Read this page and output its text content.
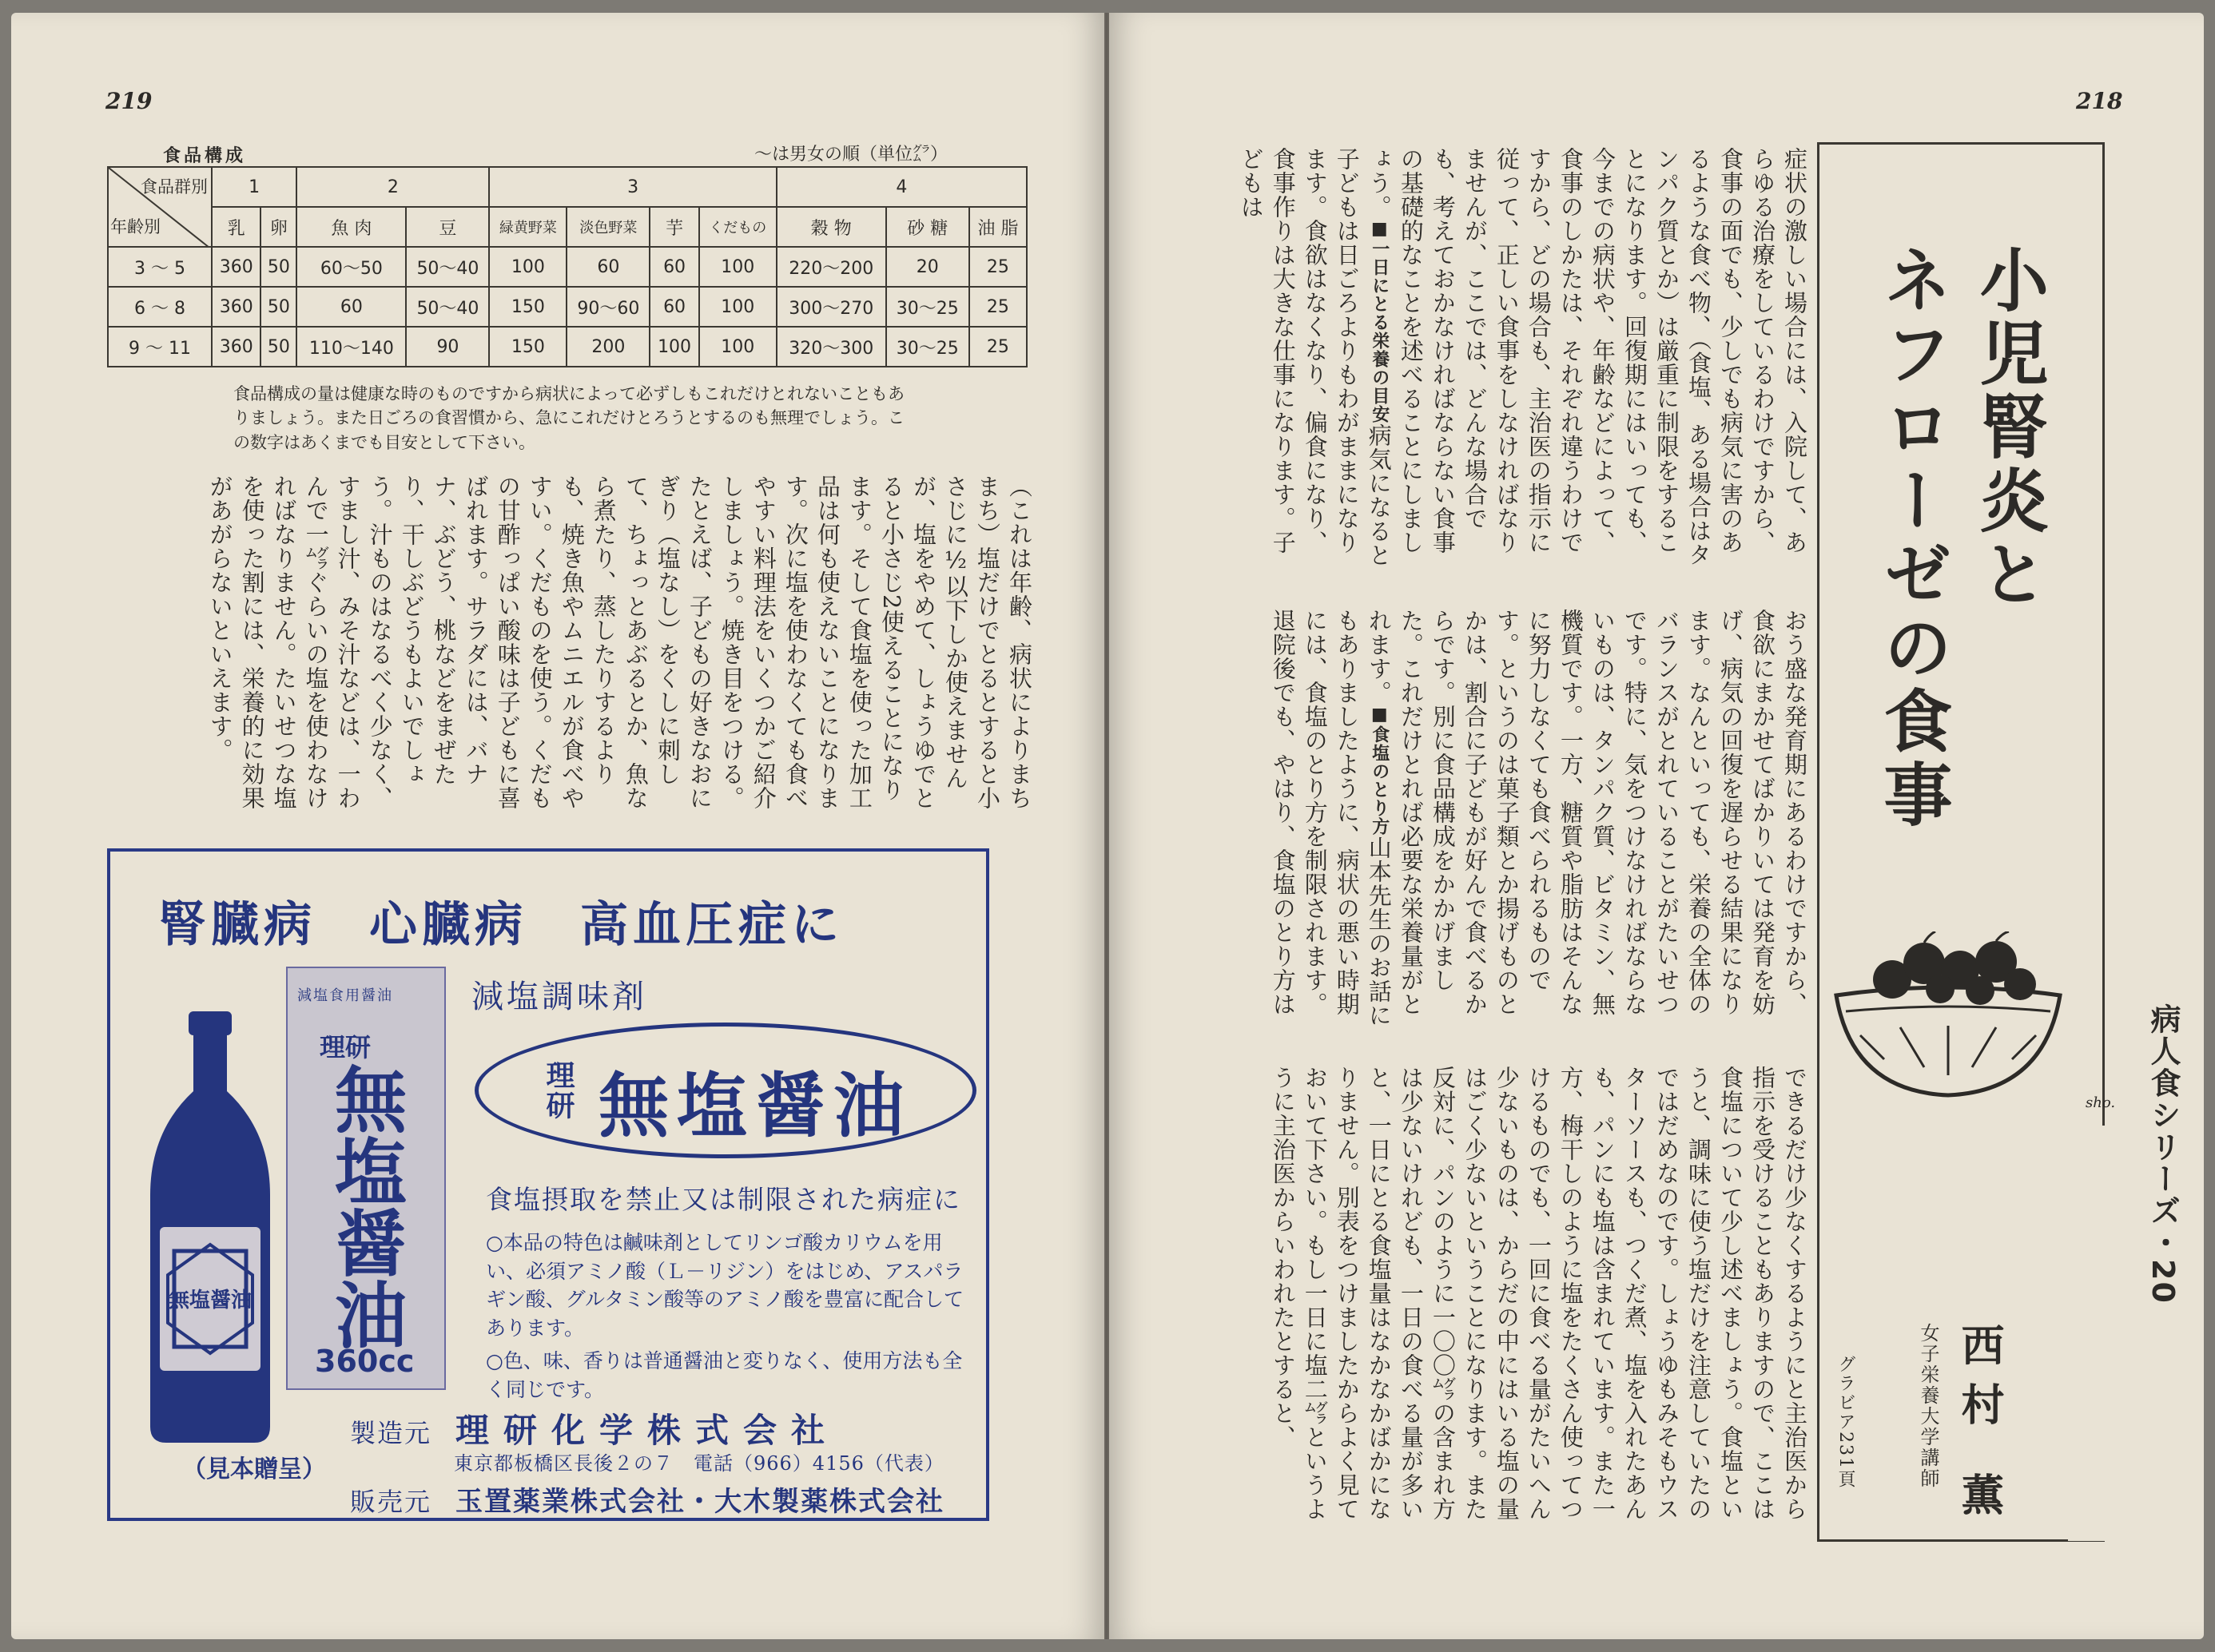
219
食品構成	〜は男女の順（単位㌘）
食品群別
年齢別	1		2		3				4		
	乳	卵	魚 肉	豆	緑黄野菜	淡色野菜	芋	くだもの	穀 物	砂 糖	油 脂
3 〜 5	360	50	60〜50	50〜40	100	60	60	100	220〜200	20	25
6 〜 8	360	50	60	50〜40	150	90〜60	60	100	300〜270	30〜25	25
9 〜 11	360	50	110〜140	90	150	200	100	100	320〜300	30〜25	25
食品構成の量は健康な時のものですから病状によって必ずしもこれだけとれないこともありましょう。また日ごろの食習慣から、急にこれだけとろうとするのも無理でしょう。この数字はあくまでも目安として下さい。
（これは年齢、病状によりまちまち）塩だけでとるとすると小さじに½以下しか使えませんが、塩をやめて、しょうゆでとると小さじ2使えることになります。そして食塩を使った加工品は何も使えないことになります。次に塩を使わなくても食べやすい料理法をいくつかご紹介しましょう。焼き目をつける。たとえば、子どもの好きなおにぎり（塩なし）をくしに刺して、ちょっとあぶるとか、魚なら煮たり、蒸したりするよりも、焼き魚やムニエルが食べやすい。くだものを使う。くだもの甘酢っぱい酸味は子どもに喜ばれます。サラダには、バナナ、ぶどう、桃などをまぜたり、干しぶどうもよいでしょう。汁ものはなるべく少なく、すまし汁、みそ汁などは、一わんで一㌘ぐらいの塩を使わなければなりません。たいせつな塩を使った割には、栄養的に効果があがらないといえます。
腎臓病　心臓病　高血圧症に
無塩醤油
減塩食用醤油
理研
無塩醤油
360cc
減塩調味剤
理研 無塩醤油
食塩摂取を禁止又は制限された病症に

○本品の特色は鹹味剤としてリンゴ酸カリウムを用い、必須アミノ酸（Ｌ－リジン）をはじめ、アスパラギン酸、グルタミン酸等のアミノ酸を豊富に配合してあります。

○色、味、香りは普通醤油と変りなく、使用方法も全く同じです。

製造元 理研化学株式会社
東京都板橋区長後２の７　電話（966）4156（代表）
販売元 玉置薬業株式会社・大木製薬株式会社
（見本贈呈）
218
症状の激しい場合には、入院して、あらゆる治療をしているわけですから、食事の面でも、少しでも病気に害のあるような食べ物、（食塩、ある場合はタンパク質とか）は厳重に制限をすることになります。回復期にはいっても、今までの病状や、年齢などによって、食事のしかたは、それぞれ違うわけですから、どの場合も、主治医の指示に従って、正しい食事をしなければなりませんが、ここでは、どんな場合でも、考えておかなければならない食事の基礎的なことを述べることにしましょう。■一日にとる栄養の目安病気になると子どもは日ごろよりもわがままになります。食欲はなくなり、偏食になり、食事作りは大きな仕事になります。子どもは
おう盛な発育期にあるわけですから、食欲にまかせてばかりいては発育を妨げ、病気の回復を遅らせる結果になります。なんといっても、栄養の全体のバランスがとれていることがたいせつです。特に、気をつけなければならないものは、タンパク質、ビタミン、無機質です。一方、糖質や脂肪はそんなに努力しなくても食べられるものです。というのは菓子類とか揚げものとかは、割合に子どもが好んで食べるからです。別に食品構成をかかげました。これだけとれば必要な栄養量がとれます。■食塩のとり方山本先生のお話にもありましたように、病状の悪い時期には、食塩のとり方を制限されます。退院後でも、やはり、食塩のとり方は
できるだけ少なくするようにと主治医から指示を受けることもありますので、ここは食塩について少し述べましょう。食塩というと、調味に使う塩だけを注意していたのではだめなのです。しょうゆもみそもウスターソースも、つくだ煮、塩を入れたあんも、パンにも塩は含まれています。また一方、梅干しのように塩をたくさん使ってつけるものでも、一回に食べる量がたいへん少ないものは、からだの中にはいる塩の量はごく少ないということになります。また反対に、パンのように一〇〇㌘の含まれ方は少ないけれども、一日の食べる量が多いと、一日にとる食塩量はなかなかばかになりません。別表をつけましたからよく見ておいて下さい。もし一日に塩二㌘というように主治医からいわれたとすると、	病人食シリーズ・20
小児腎炎と
ネフローゼの食事
sho.
西村 薫
女子栄養大学講師
グラビア231頁
